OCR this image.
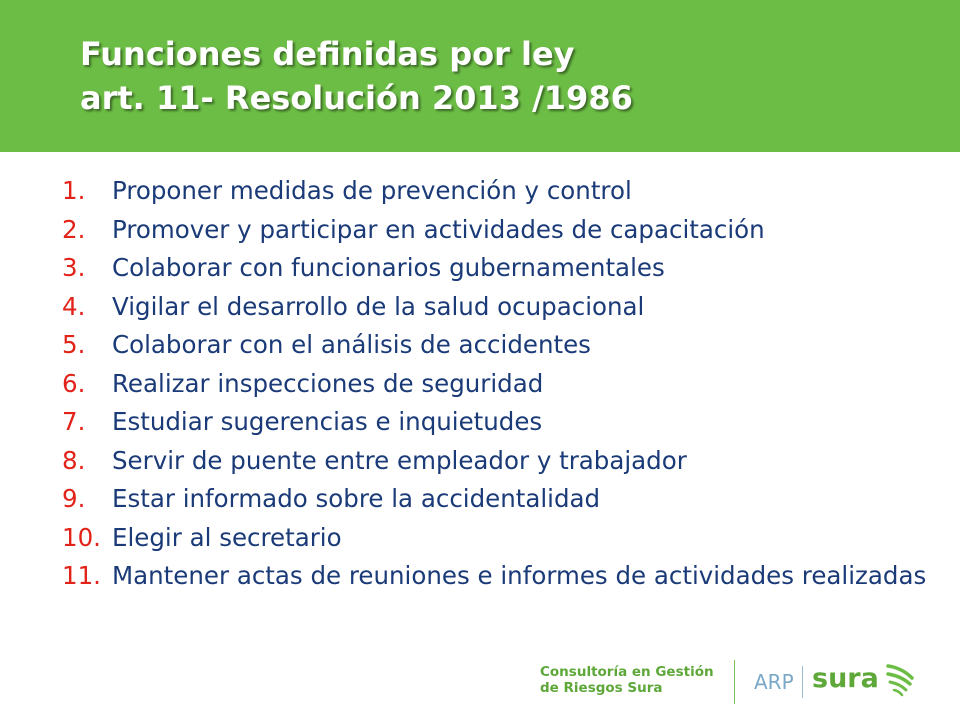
Funciones definidas por ley
art. 11- Resolución 2013 /1986
1.	Proponer medidas de prevención y control
2.	Promover y participar en actividades de capacitación
3.	Colaborar con funcionarios gubernamentales
4.	Vigilar el desarrollo de la salud ocupacional
5.	Colaborar con el análisis de accidentes
6.	Realizar inspecciones de seguridad
7.	Estudiar sugerencias e inquietudes
8.	Servir de puente entre empleador y trabajador
9.	Estar informado sobre la accidentalidad
10. Elegir al secretario
11. Mantener actas de reuniones e informes de actividades realizadas
Consultoría en Gestión
de Riesgos Sura	ARP sura
